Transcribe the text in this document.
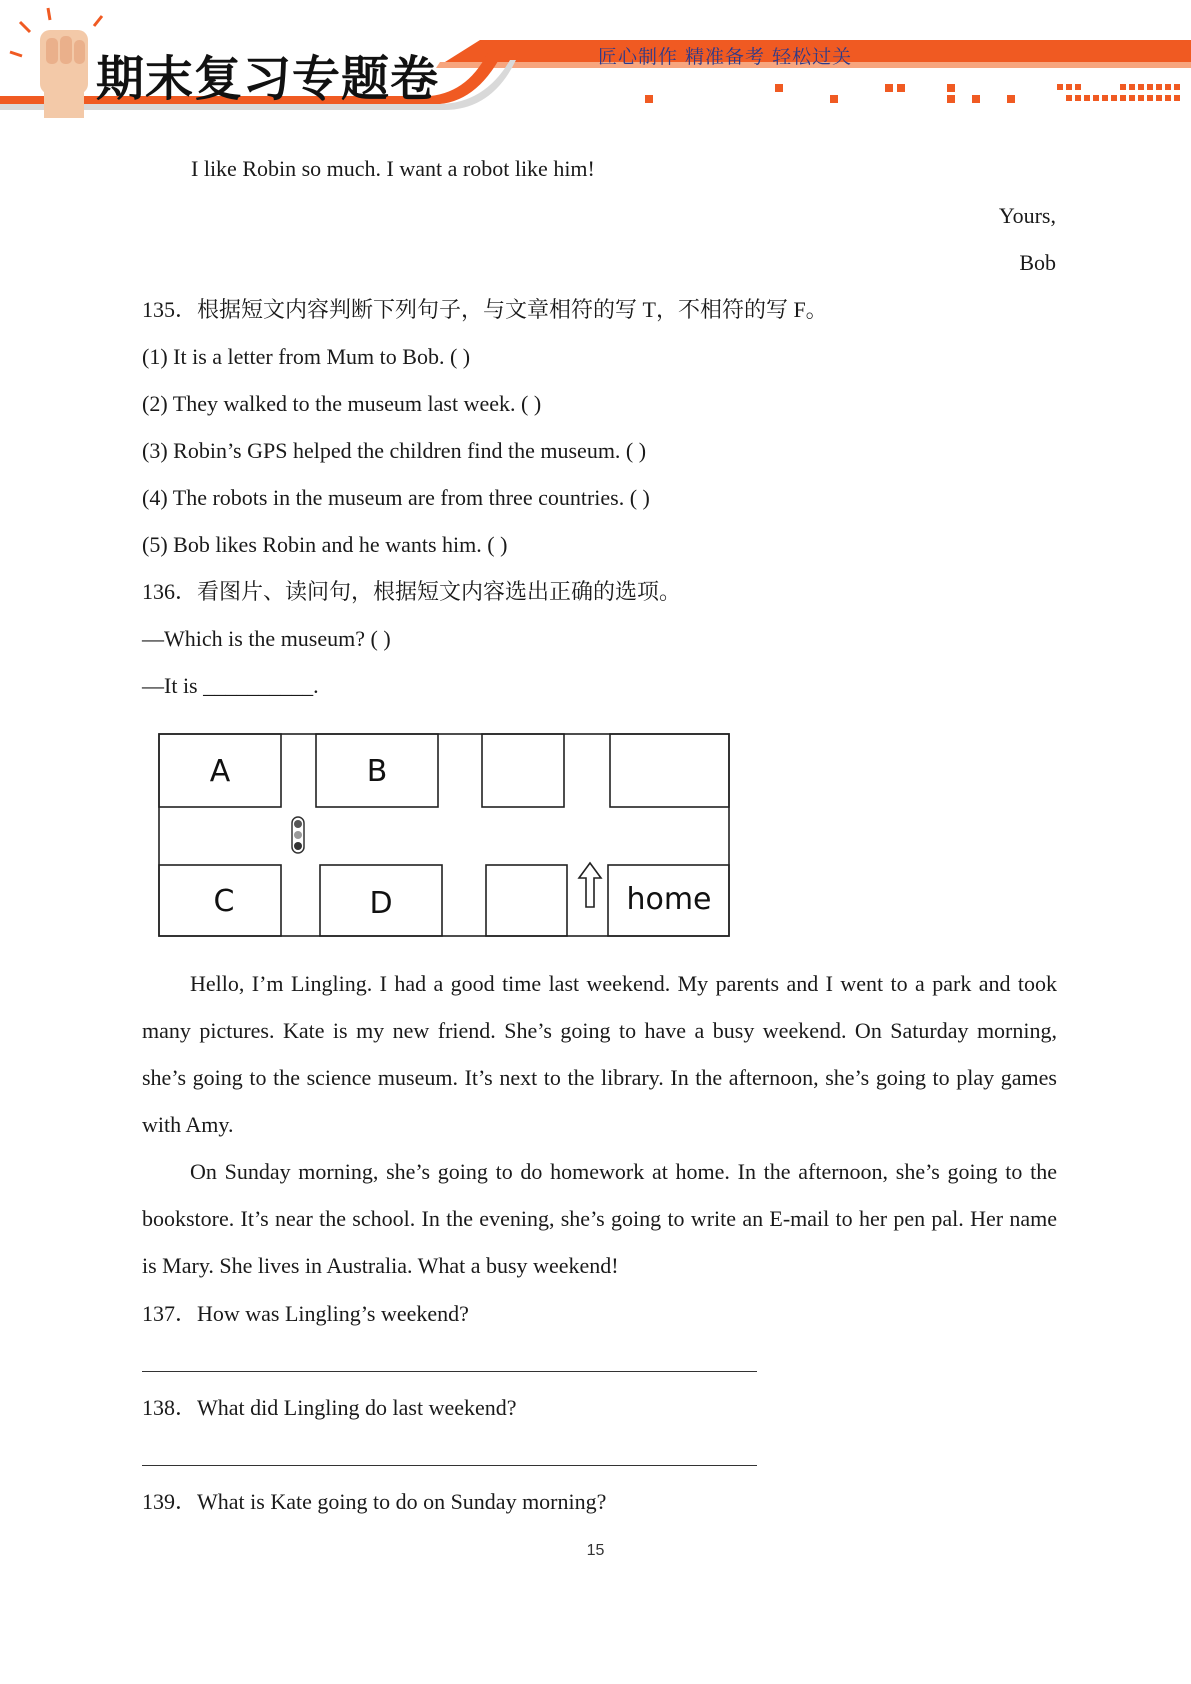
期末复习专题卷	匠心制作 精准备考 轻松过关
I like Robin so much. I want a robot like him!
Yours,
Bob
135．根据短文内容判断下列句子，与文章相符的写 T，不相符的写 F。
(1) It is a letter from Mum to Bob. ( )
(2) They walked to the museum last week. ( )
(3) Robin’s GPS helped the children find the museum. ( )
(4) The robots in the museum are from three countries. ( )
(5) Bob likes Robin and he wants him. ( )
136．看图片、读问句，根据短文内容选出正确的选项。
—Which is the museum? ( )
—It is __________.
A	B
C	D	home
Hello, I’m Lingling. I had a good time last weekend. My parents and I went to a park and took many pictures. Kate is my new friend. She’s going to have a busy weekend. On Saturday morning, she’s going to the science museum. It’s next to the library. In the afternoon, she’s going to play games with Amy.
On Sunday morning, she’s going to do homework at home. In the afternoon, she’s going to the bookstore. It’s near the school. In the evening, she’s going to write an E-mail to her pen pal. Her name is Mary. She lives in Australia. What a busy weekend!
137．How was Lingling’s weekend?
138．What did Lingling do last weekend?
139．What is Kate going to do on Sunday morning?
15
